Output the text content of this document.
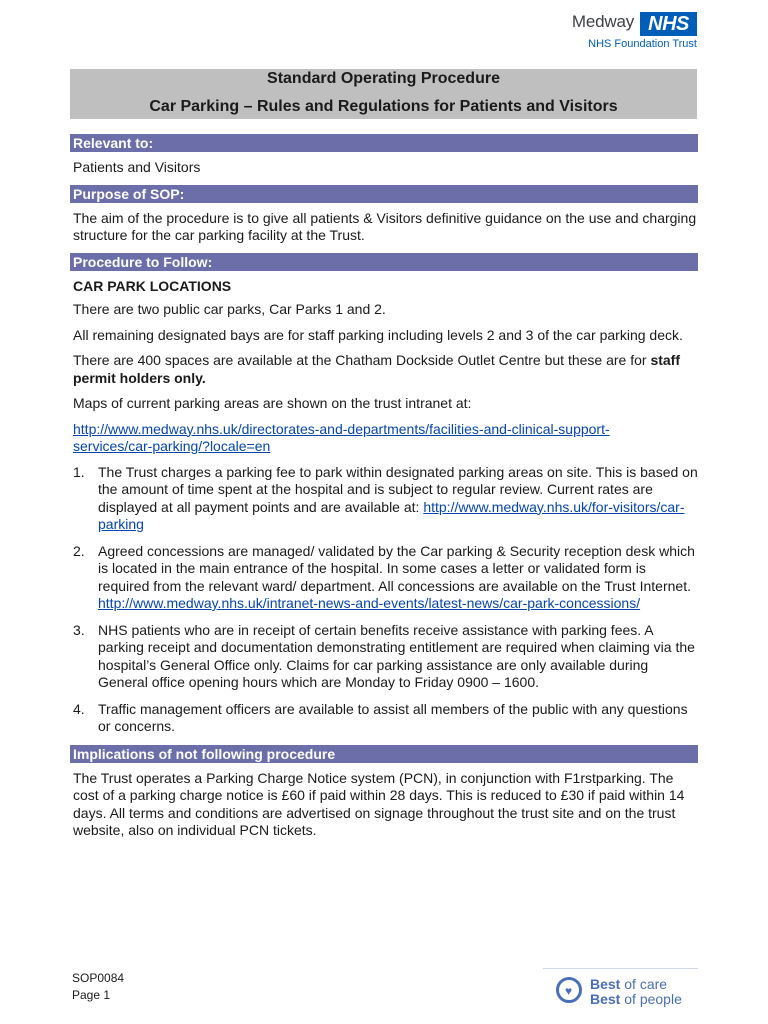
Medway NHS
NHS Foundation Trust
Standard Operating Procedure
Car Parking – Rules and Regulations for Patients and Visitors
Relevant to:

Patients and Visitors

Purpose of SOP:

The aim of the procedure is to give all patients & Visitors definitive guidance on the use and charging structure for the car parking facility at the Trust.

Procedure to Follow:

CAR PARK LOCATIONS

There are two public car parks, Car Parks 1 and 2.

All remaining designated bays are for staff parking including levels 2 and 3 of the car parking deck.

There are 400 spaces are available at the Chatham Dockside Outlet Centre but these are for staff permit holders only.

Maps of current parking areas are shown on the trust intranet at:

http://www.medway.nhs.uk/directorates-and-departments/facilities-and-clinical-support-
services/car-parking/?locale=en

1. The Trust charges a parking fee to park within designated parking areas on site. This is based on the amount of time spent at the hospital and is subject to regular review. Current rates are displayed at all payment points and are available at: http://www.medway.nhs.uk/for-visitors/car-parking
2. Agreed concessions are managed/ validated by the Car parking & Security reception desk which is located in the main entrance of the hospital. In some cases a letter or validated form is required from the relevant ward/ department. All concessions are available on the Trust Internet. http://www.medway.nhs.uk/intranet-news-and-events/latest-news/car-park-concessions/
3. NHS patients who are in receipt of certain benefits receive assistance with parking fees. A parking receipt and documentation demonstrating entitlement are required when claiming via the hospital’s General Office only. Claims for car parking assistance are only available during General office opening hours which are Monday to Friday 0900 – 1600.
4. Traffic management officers are available to assist all members of the public with any questions or concerns.
Implications of not following procedure

The Trust operates a Parking Charge Notice system (PCN), in conjunction with F1rstparking. The cost of a parking charge notice is £60 if paid within 28 days. This is reduced to £30 if paid within 14 days. All terms and conditions are advertised on signage throughout the trust site and on the trust website, also on individual PCN tickets.

SOP0084
Page 1	♥ Best of care
Best of people
